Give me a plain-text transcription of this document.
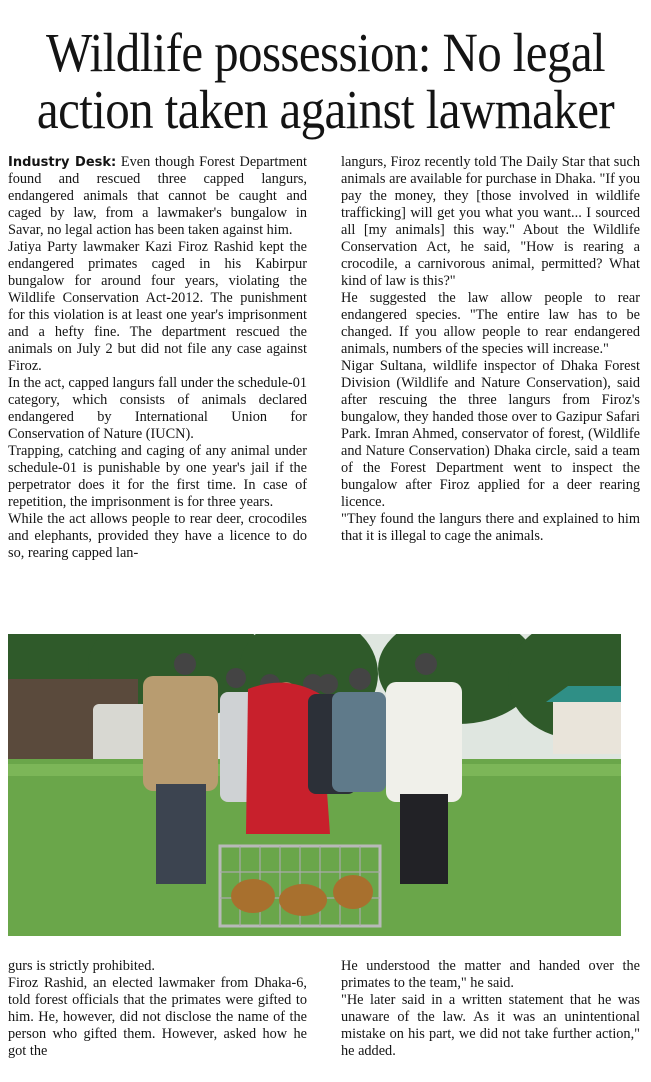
Wildlife possession: No legal
action taken against lawmaker

Industry Desk: Even though Forest Department found and rescued three capped langurs, endangered animals that cannot be caught and caged by law, from a lawmaker's bungalow in Savar, no legal action has been taken against him.

Jatiya Party lawmaker Kazi Firoz Rashid kept the endangered primates caged in his Kabirpur bungalow for around four years, violating the Wildlife Conservation Act-2012. The punishment for this violation is at least one year's imprisonment and a hefty fine. The department rescued the animals on July 2 but did not file any case against Firoz.

In the act, capped langurs fall under the schedule-01 category, which consists of animals declared endangered by International Union for Conservation of Nature (IUCN).

Trapping, catching and caging of any animal under schedule-01 is punishable by one year's jail if the perpetrator does it for the first time. In case of repetition, the imprisonment is for three years.

While the act allows people to rear deer, crocodiles and elephants, provided they have a licence to do so, rearing capped lan-

langurs, Firoz recently told The Daily Star that such animals are available for purchase in Dhaka. "If you pay the money, they [those involved in wildlife trafficking] will get you what you want... I sourced all [my animals] this way." About the Wildlife Conservation Act, he said, "How is rearing a crocodile, a carnivorous animal, permitted? What kind of law is this?"

He suggested the law allow people to rear endangered species. "The entire law has to be changed. If you allow people to rear endangered animals, numbers of the species will increase."

Nigar Sultana, wildlife inspector of Dhaka Forest Division (Wildlife and Nature Conservation), said after rescuing the three langurs from Firoz's bungalow, they handed those over to Gazipur Safari Park. Imran Ahmed, conservator of forest, (Wildlife and Nature Conservation) Dhaka circle, said a team of the Forest Department went to inspect the bungalow after Firoz applied for a deer rearing licence.

"They found the langurs there and explained to him that it is illegal to cage the animals.

gurs is strictly prohibited.

Firoz Rashid, an elected lawmaker from Dhaka-6, told forest officials that the primates were gifted to him. He, however, did not disclose the name of the person who gifted them. However, asked how he got the

He understood the matter and handed over the primates to the team," he said.

"He later said in a written statement that he was unaware of the law. As it was an unintentional mistake on his part, we did not take further action," he added.
